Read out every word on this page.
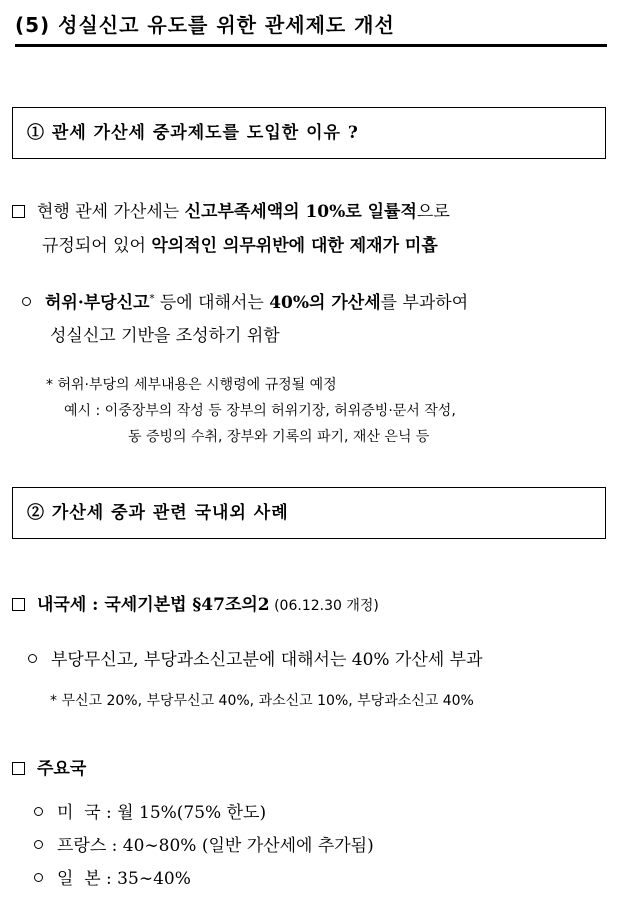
(5) 성실신고 유도를 위한 관세제도 개선
① 관세 가산세 중과제도를 도입한 이유 ?
현행 관세 가산세는 신고부족세액의 10%로 일률적으로
규정되어 있어 악의적인 의무위반에 대한 제재가 미흡
허위·부당신고* 등에 대해서는 40%의 가산세를 부과하여
성실신고 기반을 조성하기 위함
* 허위·부당의 세부내용은 시행령에 규정될 예정
예시 : 이중장부의 작성 등 장부의 허위기장, 허위증빙·문서 작성,
동 증빙의 수취, 장부와 기록의 파기, 재산 은닉 등
② 가산세 중과 관련 국내외 사례
내국세 : 국세기본법 §47조의2 (06.12.30 개정)
부당무신고, 부당과소신고분에 대해서는 40% 가산세 부과
* 무신고 20%, 부당무신고 40%, 과소신고 10%, 부당과소신고 40%
주요국
미  국 : 월 15%(75% 한도)
프랑스 : 40∼80% (일반 가산세에 추가됨)
일  본 : 35∼40%
